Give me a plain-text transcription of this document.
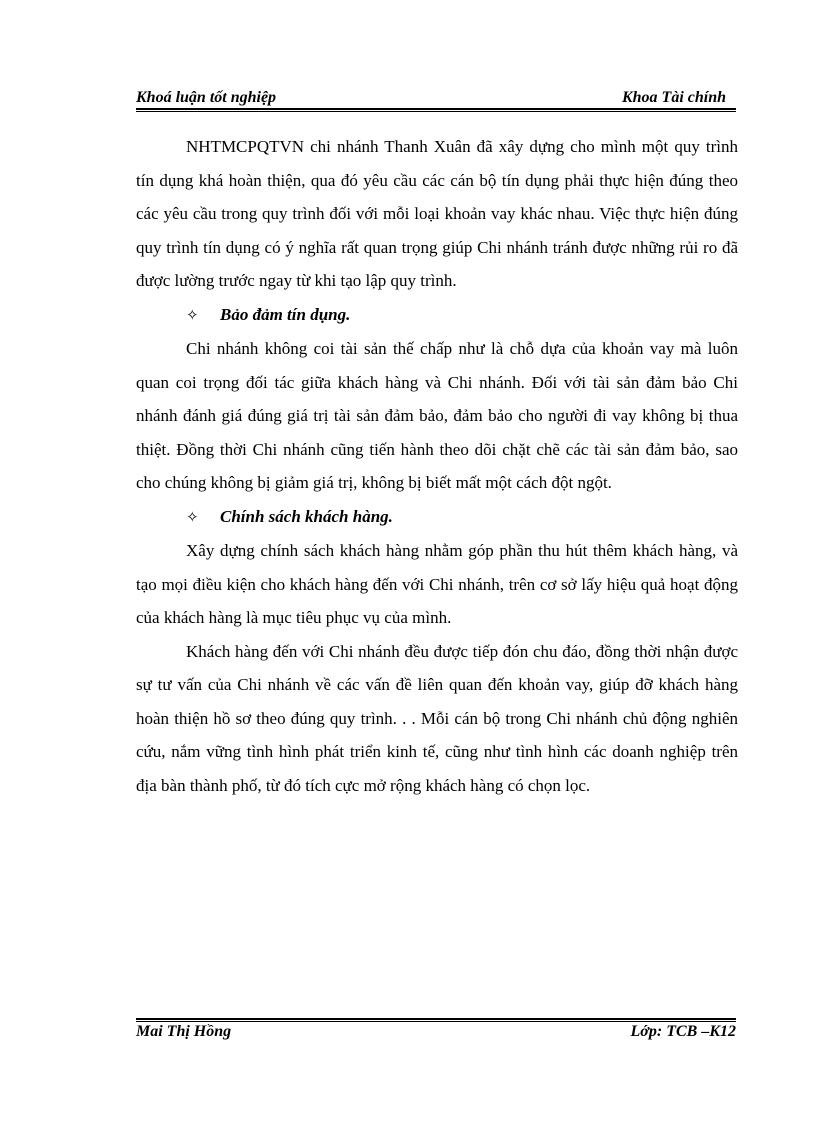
Khoá luận tốt nghiệp	Khoa Tài chính

NHTMCPQTVN chi nhánh Thanh Xuân đã xây dựng cho mình một quy trình tín dụng khá hoàn thiện, qua đó yêu cầu các cán bộ tín dụng phải thực hiện đúng theo các yêu cầu trong quy trình đối với mỗi loại khoản vay khác nhau. Việc thực hiện đúng quy trình tín dụng có ý nghĩa rất quan trọng giúp Chi nhánh tránh được những rủi ro đã được lường trước ngay từ khi tạo lập quy trình.

✧ Bảo đảm tín dụng.

Chi nhánh không coi tài sản thế chấp như là chỗ dựa của khoản vay mà luôn quan coi trọng đối tác giữa khách hàng và Chi nhánh. Đối với tài sản đảm bảo Chi nhánh đánh giá đúng giá trị tài sản đảm bảo, đảm bảo cho người đi vay không bị thua thiệt. Đồng thời Chi nhánh cũng tiến hành theo dõi chặt chẽ các tài sản đảm bảo, sao cho chúng không bị giảm giá trị, không bị biết mất một cách đột ngột.

✧ Chính sách khách hàng.

Xây dựng chính sách khách hàng nhằm góp phần thu hút thêm khách hàng, và tạo mọi điều kiện cho khách hàng đến với Chi nhánh, trên cơ sở lấy hiệu quả hoạt động của khách hàng là mục tiêu phục vụ của mình.

Khách hàng đến với Chi nhánh đều được tiếp đón chu đáo, đồng thời nhận được sự tư vấn của Chi nhánh về các vấn đề liên quan đến khoản vay, giúp đỡ khách hàng hoàn thiện hồ sơ theo đúng quy trình. . . Mỗi cán bộ trong Chi nhánh chủ động nghiên cứu, nắm vững tình hình phát triển kinh tế, cũng như tình hình các doanh nghiệp trên địa bàn thành phố, từ đó tích cực mở rộng khách hàng có chọn lọc.

Mai Thị Hồng	Lớp: TCB –K12
